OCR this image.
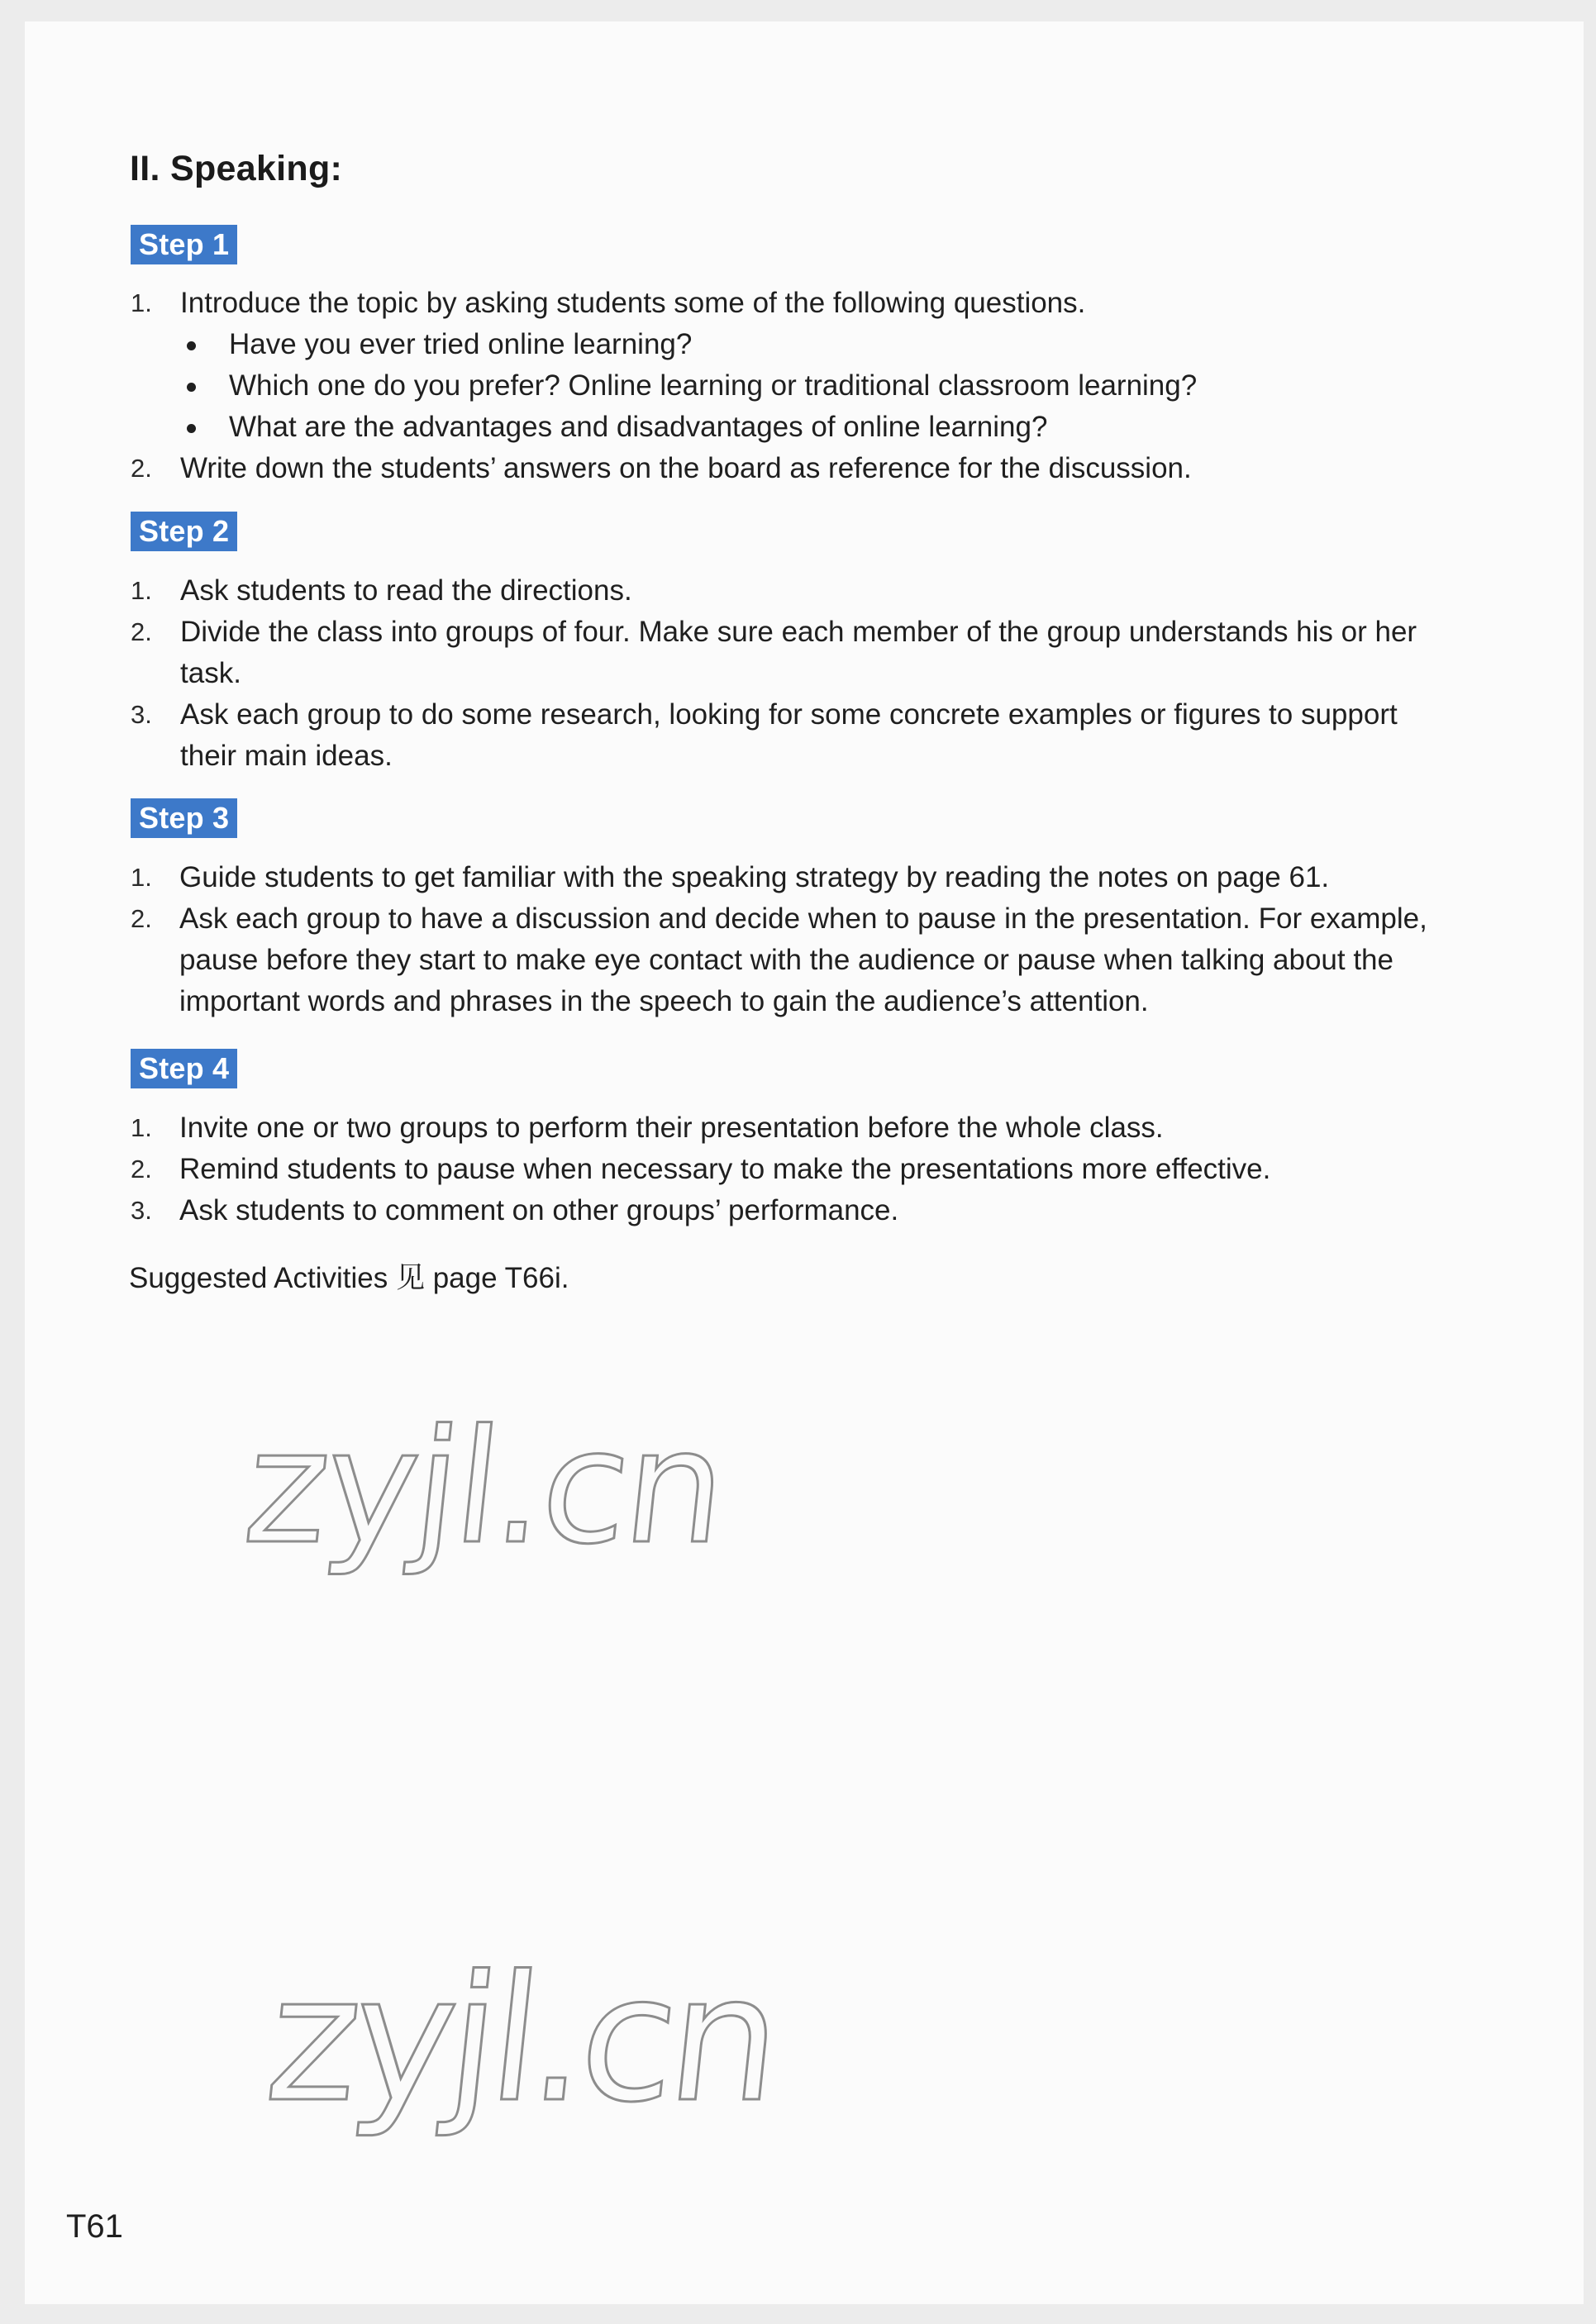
II. Speaking:
Step 1
1. Introduce the topic by asking students some of the following questions.
Have you ever tried online learning?
Which one do you prefer? Online learning or traditional classroom learning?
What are the advantages and disadvantages of online learning?
2. Write down the students’ answers on the board as reference for the discussion.
Step 2
1. Ask students to read the directions.
2. Divide the class into groups of four. Make sure each member of the group understands his or her
task.
3. Ask each group to do some research, looking for some concrete examples or figures to support
their main ideas.
Step 3
1. Guide students to get familiar with the speaking strategy by reading the notes on page 61.
2. Ask each group to have a discussion and decide when to pause in the presentation. For example,
pause before they start to make eye contact with the audience or pause when talking about the
important words and phrases in the speech to gain the audience’s attention.
Step 4
1. Invite one or two groups to perform their presentation before the whole class.
2. Remind students to pause when necessary to make the presentations more effective.
3. Ask students to comment on other groups’ performance.
Suggested Activities 见 page T66i.
zyjl.cn
zyjl.cn
T61
